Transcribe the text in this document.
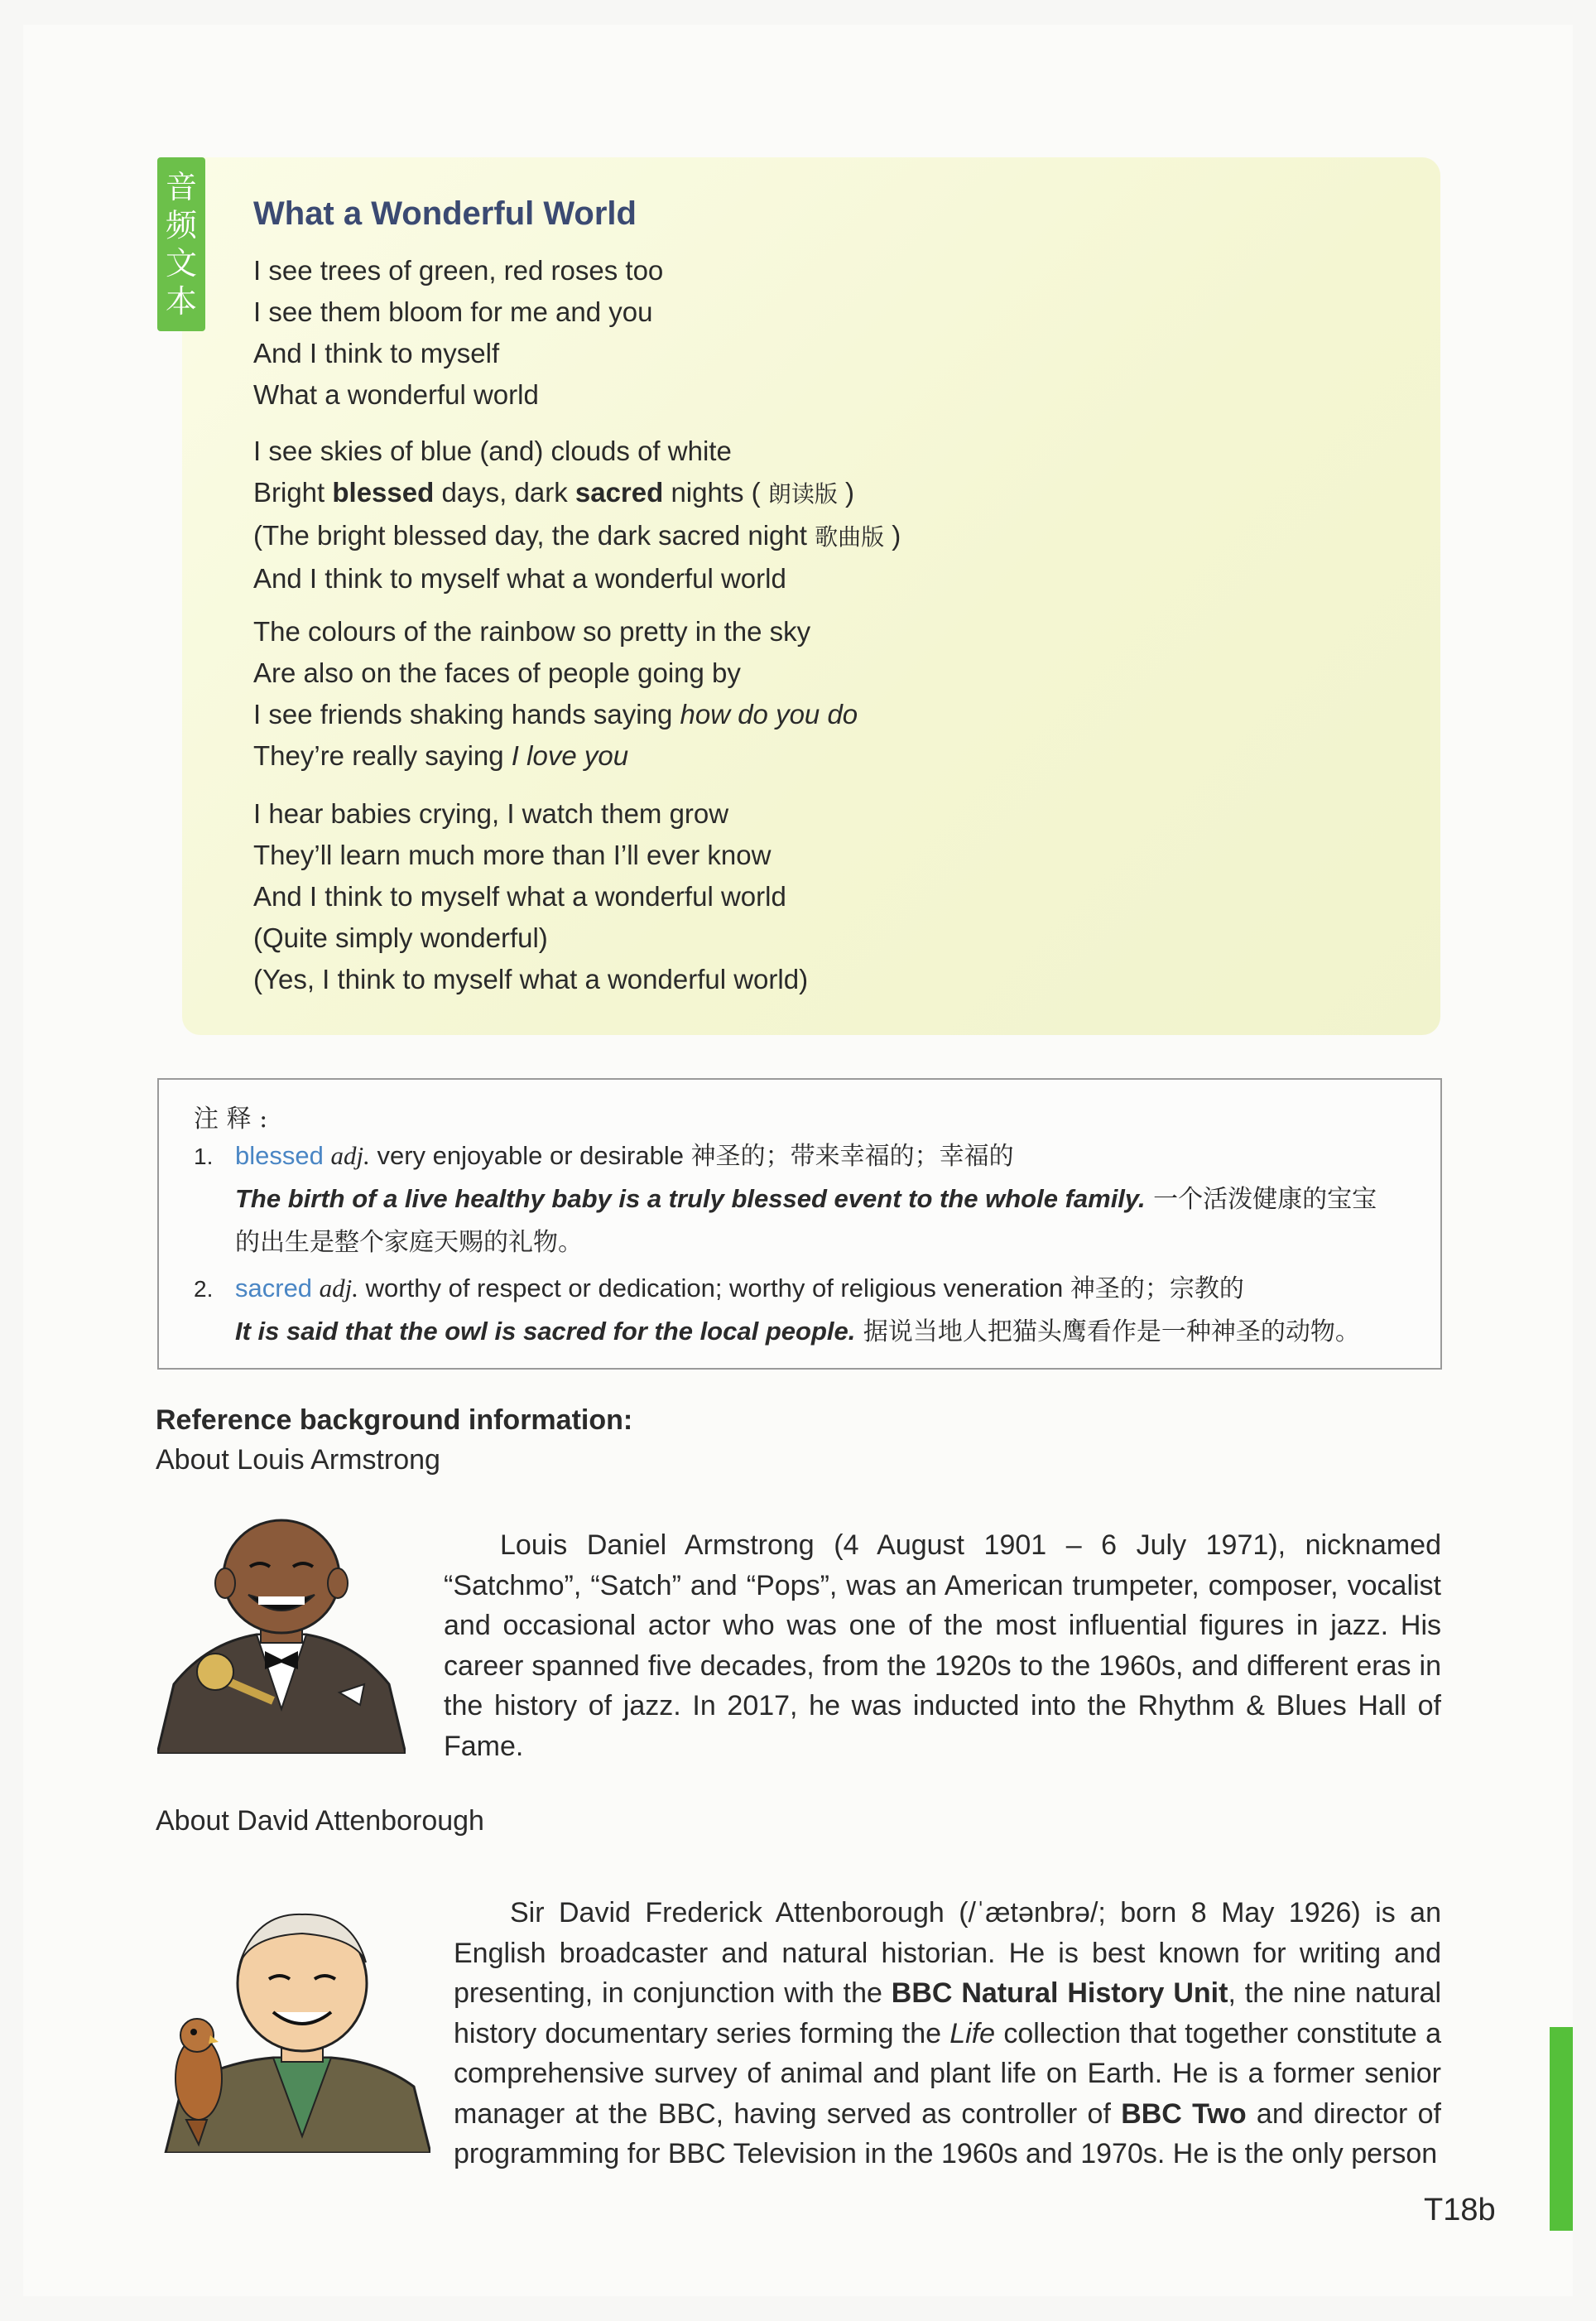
音
频
文
本
What a Wonderful World
I see trees of green, red roses too
I see them bloom for me and you
And I think to myself
What a wonderful world
I see skies of blue (and) clouds of white
Bright blessed days, dark sacred nights ( 朗读版 )
(The bright blessed day, the dark sacred night 歌曲版 )
And I think to myself what a wonderful world
The colours of the rainbow so pretty in the sky
Are also on the faces of people going by
I see friends shaking hands saying how do you do
They’re really saying I love you
I hear babies crying, I watch them grow
They’ll learn much more than I’ll ever know
And I think to myself what a wonderful world
(Quite simply wonderful)
(Yes, I think to myself what a wonderful world)
注 释 :
1. blessed adj. very enjoyable or desirable 神圣的；带来幸福的；幸福的
The birth of a live healthy baby is a truly blessed event to the whole family. 一个活泼健康的宝宝
的出生是整个家庭天赐的礼物。
2. sacred adj. worthy of respect or dedication; worthy of religious veneration 神圣的；宗教的
It is said that the owl is sacred for the local people. 据说当地人把猫头鹰看作是一种神圣的动物。
Reference background information:
About Louis Armstrong
Louis Daniel Armstrong (4 August 1901 – 6 July 1971), nicknamed “Satchmo”, “Satch” and “Pops”, was an American trumpeter, composer, vocalist and occasional actor who was one of the most influential figures in jazz. His career spanned five decades, from the 1920s to the 1960s, and different eras in the history of jazz. In 2017, he was inducted into the Rhythm & Blues Hall of Fame.
About David Attenborough
Sir David Frederick Attenborough (/ˈætənbrə/; born 8 May 1926) is an English broadcaster and natural historian. He is best known for writing and presenting, in conjunction with the BBC Natural History Unit, the nine natural history documentary series forming the Life collection that together constitute a comprehensive survey of animal and plant life on Earth. He is a former senior manager at the BBC, having served as controller of BBC Two and director of programming for BBC Television in the 1960s and 1970s. He is the only person
T18b
